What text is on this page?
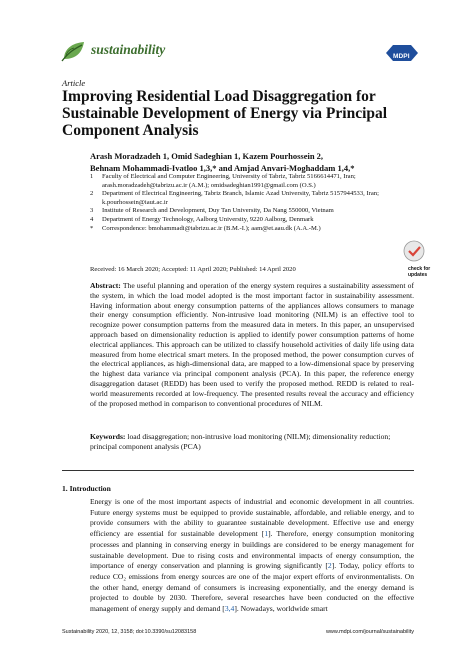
sustainability	MDPI
Article
Improving Residential Load Disaggregation for Sustainable Development of Energy via Principal Component Analysis
Arash Moradzadeh 1, Omid Sadeghian 1, Kazem Pourhossein 2,
Behnam Mohammadi-Ivatloo 1,3,* and Amjad Anvari-Moghaddam 1,4,*
1 Faculty of Electrical and Computer Engineering, University of Tabriz, Tabriz 5166614471, Iran; arash.moradzadeh@tabrizu.ac.ir (A.M.); omidsadeghian1991@gmail.com (O.S.)
2 Department of Electrical Engineering, Tabriz Branch, Islamic Azad University, Tabriz 5157944533, Iran; k.pourhossein@iaut.ac.ir
3 Institute of Research and Development, Duy Tan University, Da Nang 550000, Vietnam
4 Department of Energy Technology, Aalborg University, 9220 Aalborg, Denmark
* Correspondence: bmohammadi@tabrizu.ac.ir (B.M.-I.); aam@et.aau.dk (A.A.-M.)
check for
updates
Received: 16 March 2020; Accepted: 11 April 2020; Published: 14 April 2020
Abstract: The useful planning and operation of the energy system requires a sustainability assessment of the system, in which the load model adopted is the most important factor in sustainability assessment. Having information about energy consumption patterns of the appliances allows consumers to manage their energy consumption efficiently. Non-intrusive load monitoring (NILM) is an effective tool to recognize power consumption patterns from the measured data in meters. In this paper, an unsupervised approach based on dimensionality reduction is applied to identify power consumption patterns of home electrical appliances. This approach can be utilized to classify household activities of daily life using data measured from home electrical smart meters. In the proposed method, the power consumption curves of the electrical appliances, as high-dimensional data, are mapped to a low-dimensional space by preserving the highest data variance via principal component analysis (PCA). In this paper, the reference energy disaggregation dataset (REDD) has been used to verify the proposed method. REDD is related to real-world measurements recorded at low-frequency. The presented results reveal the accuracy and efficiency of the proposed method in comparison to conventional procedures of NILM.
Keywords: load disaggregation; non-intrusive load monitoring (NILM); dimensionality reduction; principal component analysis (PCA)
1. Introduction
Energy is one of the most important aspects of industrial and economic development in all countries. Future energy systems must be equipped to provide sustainable, affordable, and reliable energy, and to provide consumers with the ability to guarantee sustainable development. Effective use and energy efficiency are essential for sustainable development [1]. Therefore, energy consumption monitoring processes and planning in conserving energy in buildings are considered to be energy management for sustainable development. Due to rising costs and environmental impacts of energy consumption, the importance of energy conservation and planning is growing significantly [2]. Today, policy efforts to reduce CO₂ emissions from energy sources are one of the major expert efforts of environmentalists. On the other hand, energy demand of consumers is increasing exponentially, and the energy demand is projected to double by 2030. Therefore, several researches have been conducted on the effective management of energy supply and demand [3,4]. Nowadays, worldwide smart
Sustainability 2020, 12, 3158; doi:10.3390/su12083158	www.mdpi.com/journal/sustainability
